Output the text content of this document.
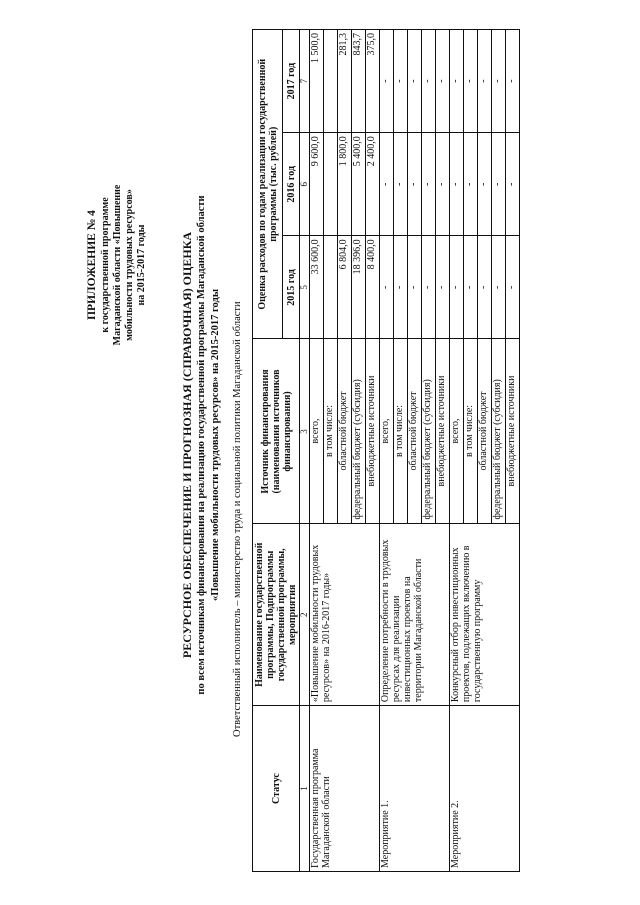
ПРИЛОЖЕНИЕ № 4 к государственной программе Магаданской области «Повышение мобильности трудовых ресурсов» на 2015-2017 годы	РЕСУРСНОЕ ОБЕСПЕЧЕНИЕ И ПРОГНОЗНАЯ (СПРАВОЧНАЯ) ОЦЕНКА по всем источникам финансирования на реализацию государственной программы Магаданской области «Повышение мобильности трудовых ресурсов» на 2015-2017 годы Ответственный исполнитель – министерство труда и социальной политики Магаданской области
Статус	Наименование государственной программы, Подпрограммы государственной программы, мероприятия	Источник финансирования (наименования источников финансирования)	Оценка расходов по годам реализации государственной программы (тыс. рублей)		
			2015 год	2016 год	2017 год
1	2	3	5	6	7
Государственная программа Магаданской области	«Повышение мобильности трудовых ресурсов» на 2016-2017 годы»	всего,	33 600,0	9 600,0	1 500,0
		в том числе:			
		областной бюджет	6 804,0	1 800,0	281,3
		федеральный бюджет (субсидия)	18 396,0	5 400,0	843,7
		внебюджетные источники	8 400,0	2 400,0	375,0
Мероприятие 1.	Определение потребности в трудовых ресурсах для реализации инвестиционных проектов на территории Магаданской области	всего,	-	-	-
		в том числе:	-	-	-
		областной бюджет	-	-	-
		федеральный бюджет (субсидия)	-	-	-
		внебюджетные источники	-	-	-
Мероприятие 2.	Конкурсный отбор инвестиционных проектов, подлежащих включению в государственную программу	всего,	-	-	-
		в том числе:	-	-	-
		областной бюджет	-	-	-
		федеральный бюджет (субсидия)	-	-	-
		внебюджетные источники	-	-	-
